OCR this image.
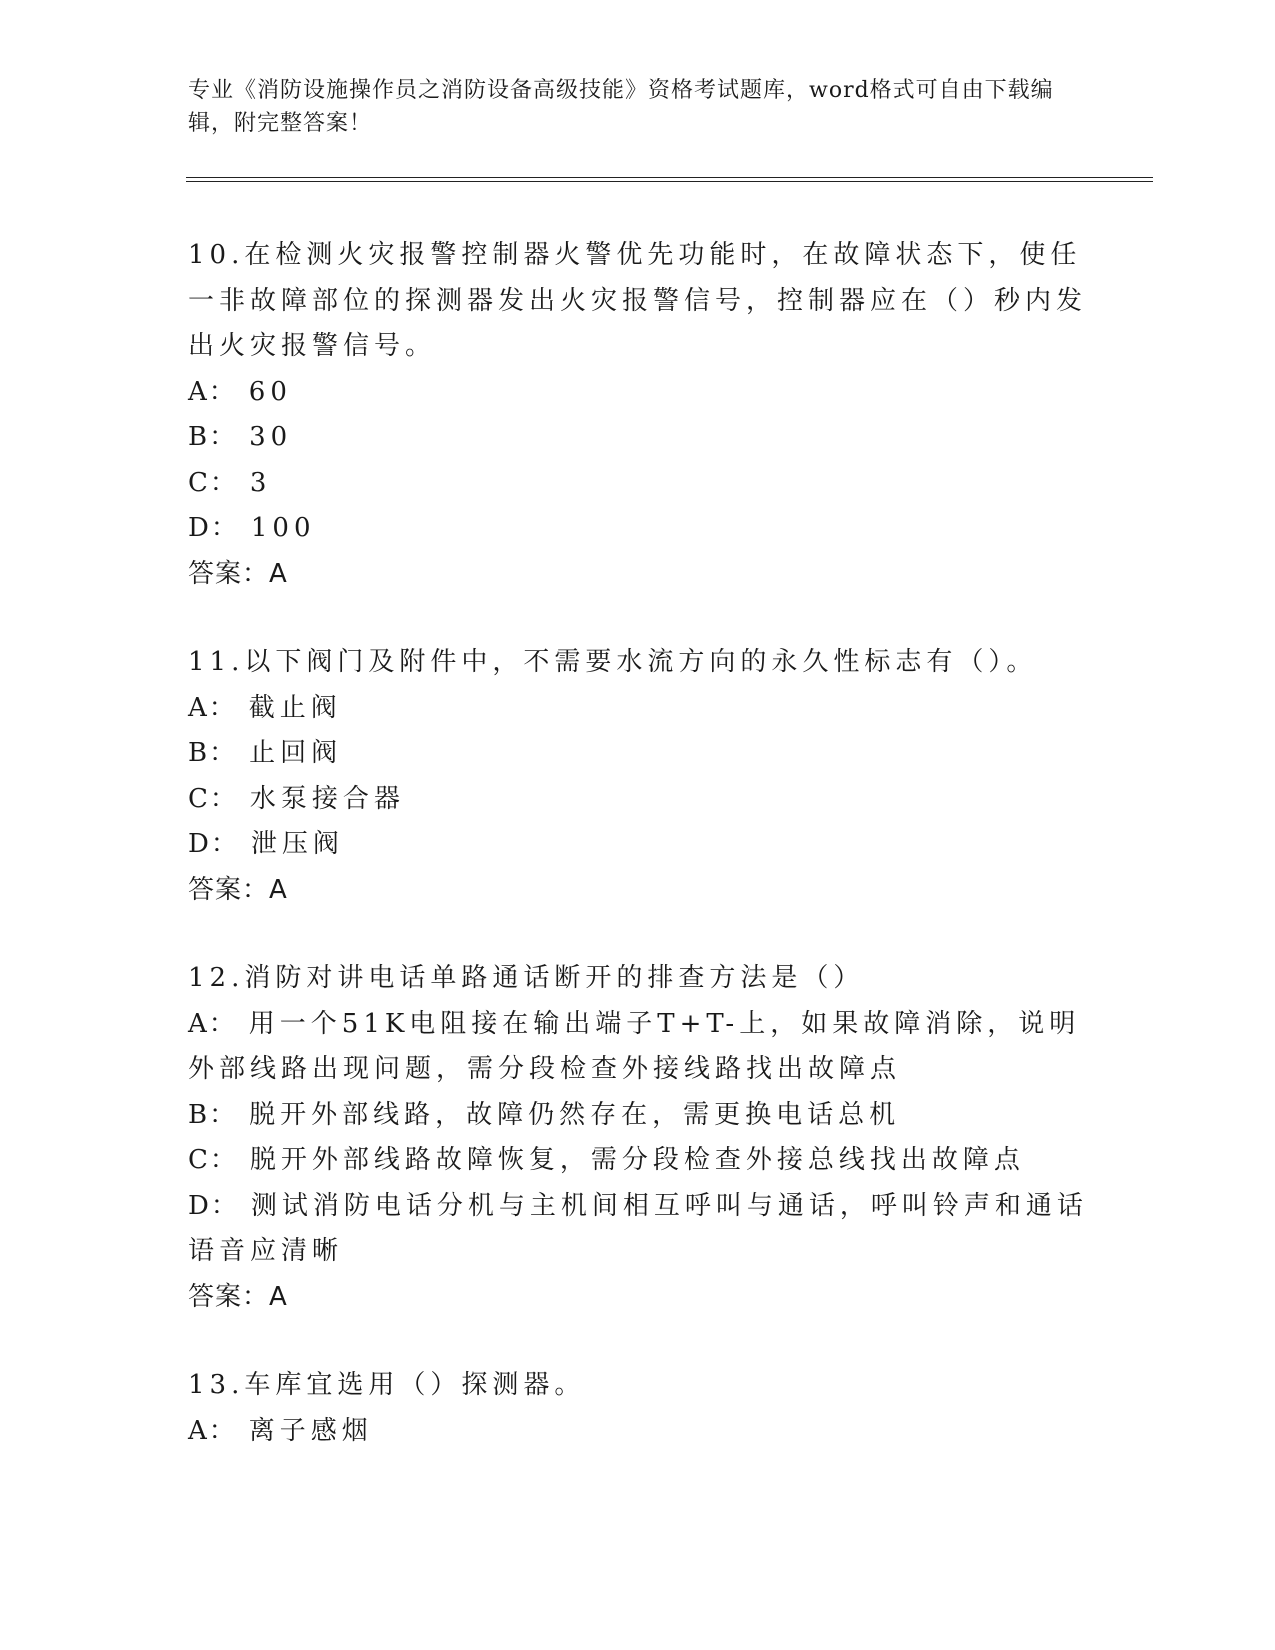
专业《消防设施操作员之消防设备高级技能》资格考试题库，word格式可自由下载编辑，附完整答案！
10.在检测火灾报警控制器火警优先功能时，在故障状态下，使任一非故障部位的探测器发出火灾报警信号，控制器应在（）秒内发出火灾报警信号。
A： 60
B： 30
C： 3
D： 100
答案：A
11.以下阀门及附件中，不需要水流方向的永久性标志有（）。
A： 截止阀
B： 止回阀
C： 水泵接合器
D： 泄压阀
答案：A
12.消防对讲电话单路通话断开的排查方法是（）
A： 用一个51K电阻接在输出端子T+T-上，如果故障消除，说明外部线路出现问题，需分段检查外接线路找出故障点
B： 脱开外部线路，故障仍然存在，需更换电话总机
C： 脱开外部线路故障恢复，需分段检查外接总线找出故障点
D： 测试消防电话分机与主机间相互呼叫与通话，呼叫铃声和通话语音应清晰
答案：A
13.车库宜选用（）探测器。
A： 离子感烟
